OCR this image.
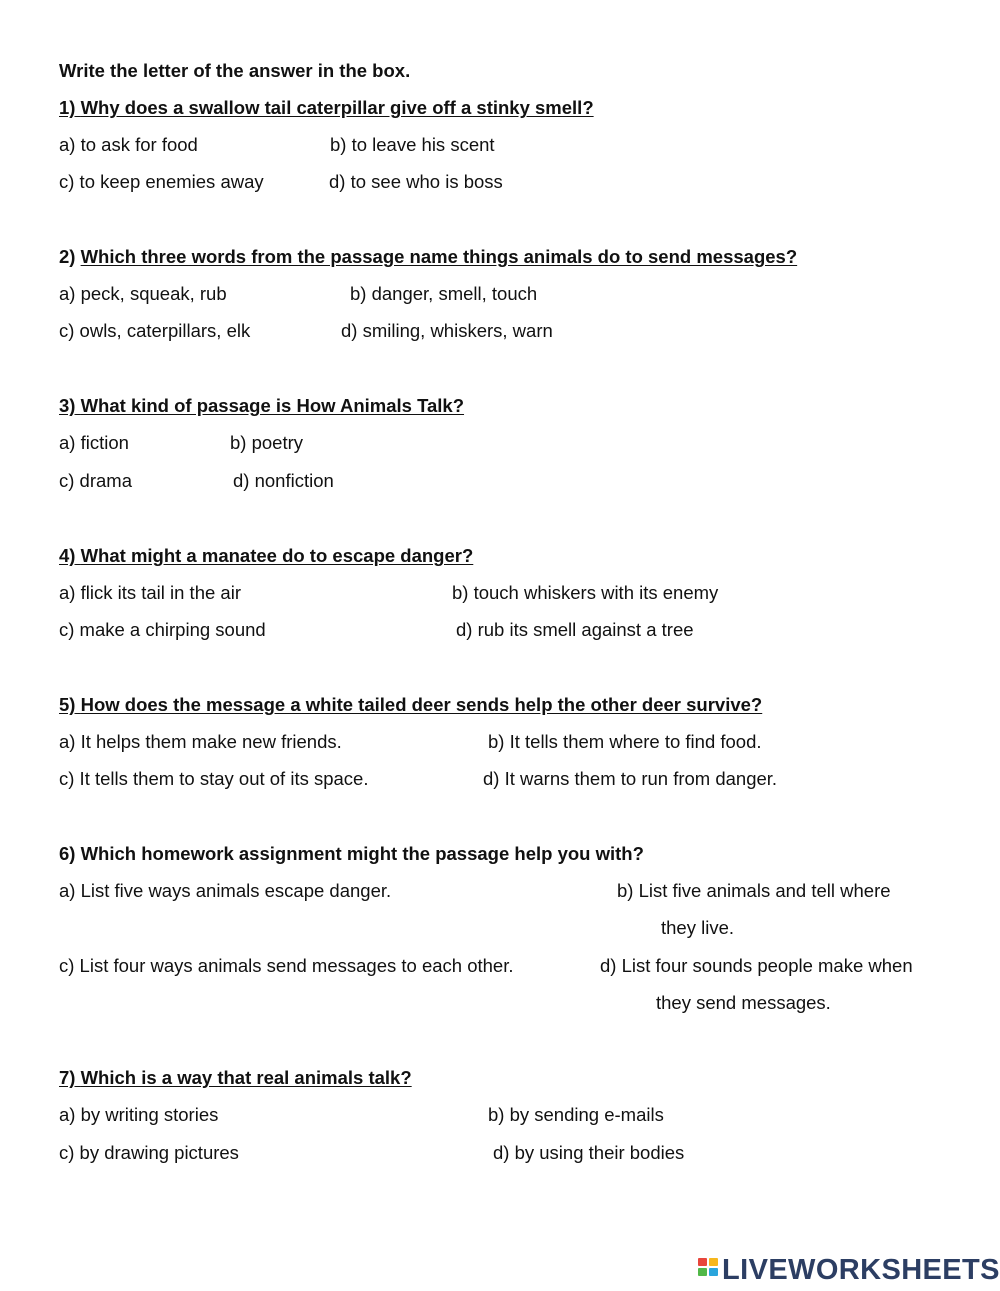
Write the letter of the answer in the box.
1) Why does a swallow tail caterpillar give off a stinky smell?
a) to ask for food	b) to leave his scent
c) to keep enemies away	d) to see who is boss
2) Which three words from the passage name things animals do to send messages?
a) peck, squeak, rub	b) danger, smell, touch
c) owls, caterpillars, elk	d) smiling, whiskers, warn
3) What kind of passage is How Animals Talk?
a) fiction	b) poetry
c) drama	d) nonfiction
4) What might a manatee do to escape danger?
a) flick its tail in the air	b) touch whiskers with its enemy
c) make a chirping sound	d) rub its smell against a tree
5) How does the message a white tailed deer sends help the other deer survive?
a) It helps them make new friends.	b) It tells them where to find food.
c) It tells them to stay out of its space.	d) It warns them to run from danger.
6) Which homework assignment might the passage help you with?
a) List five ways animals escape danger.	b) List five animals and tell where
they live.
c) List four ways animals send messages to each other.	d) List four sounds people make when
they send messages.
7) Which is a way that real animals talk?
a) by writing stories	b) by sending e-mails
c) by drawing pictures	d) by using their bodies
LIVEWORKSHEETS
